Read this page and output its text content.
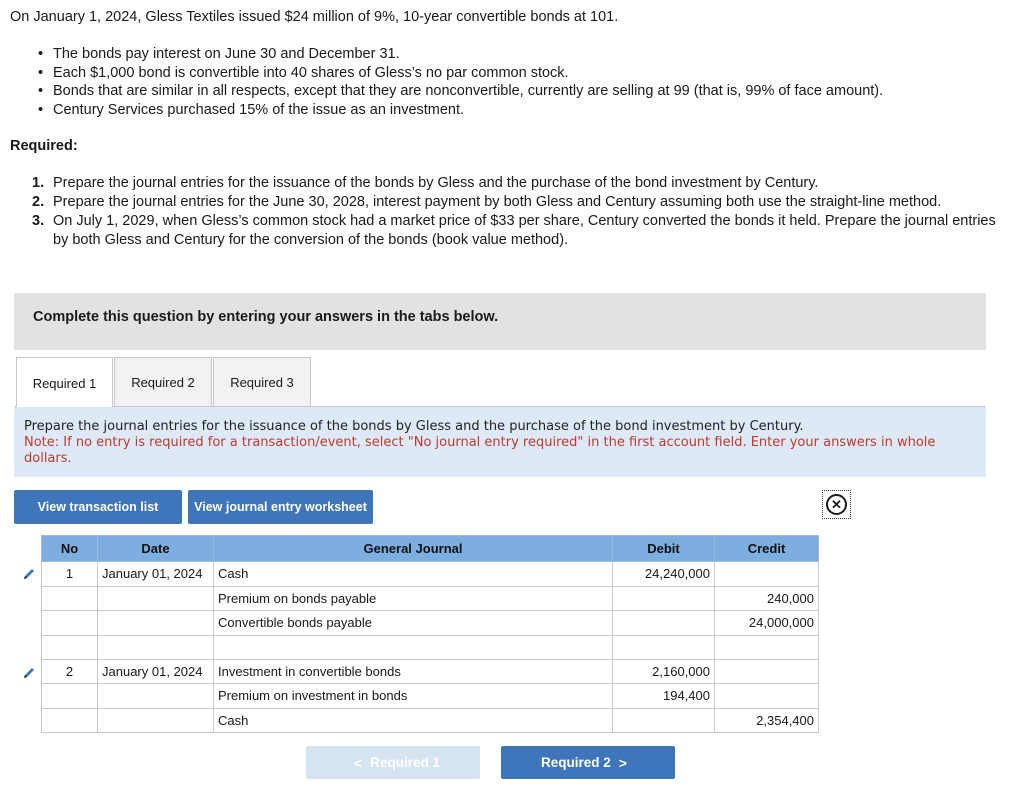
On January 1, 2024, Gless Textiles issued $24 million of 9%, 10-year convertible bonds at 101.
• The bonds pay interest on June 30 and December 31.
• Each $1,000 bond is convertible into 40 shares of Gless’s no par common stock.
• Bonds that are similar in all respects, except that they are nonconvertible, currently are selling at 99 (that is, 99% of face amount).
• Century Services purchased 15% of the issue as an investment.
Required:
1. Prepare the journal entries for the issuance of the bonds by Gless and the purchase of the bond investment by Century.
2. Prepare the journal entries for the June 30, 2028, interest payment by both Gless and Century assuming both use the straight-line method.
3. On July 1, 2029, when Gless’s common stock had a market price of $33 per share, Century converted the bonds it held. Prepare the journal entries by both Gless and Century for the conversion of the bonds (book value method).
Complete this question by entering your answers in the tabs below.
Required 1	Required 2	Required 3
Prepare the journal entries for the issuance of the bonds by Gless and the purchase of the bond investment by Century.
Note: If no entry is required for a transaction/event, select "No journal entry required" in the first account field. Enter your answers in whole dollars.
View transaction list	View journal entry worksheet	✕
No	Date	General Journal	Debit	Credit
1	January 01, 2024	Cash	24,240,000	
		Premium on bonds payable		240,000
		Convertible bonds payable		24,000,000

2	January 01, 2024	Investment in convertible bonds	2,160,000	
		Premium on investment in bonds	194,400	
		Cash		2,354,400
< Required 1	Required 2 >
